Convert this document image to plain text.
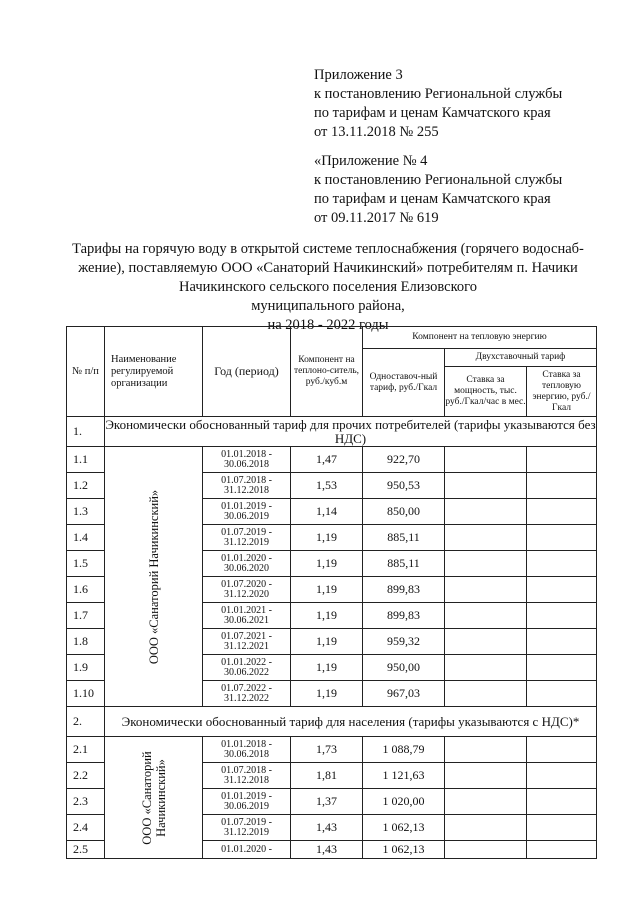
Приложение 3
к постановлению Региональной службы
по тарифам и ценам Камчатского края
от 13.11.2018 № 255
«Приложение № 4
к постановлению Региональной службы
по тарифам и ценам Камчатского края
от 09.11.2017 № 619
Тарифы на горячую воду в открытой системе теплоснабжения (горячего водоснаб-
жение), поставляемую ООО «Санаторий Начикинский» потребителям п. Начики
Начикинского сельского поселения Елизовского
муниципального района,
на 2018 - 2022 годы
№ п/п	Наименование регулируемой организации	Год (период)	Компонент на теплоно-ситель, руб./куб.м	Компонент на тепловую энергию		
				Одноставоч-ный тариф, руб./Гкал	Двухставочный тариф	
					Ставка за мощность, тыс. руб./Гкал/час в мес.	Ставка за тепловую энергию, руб./Гкал
1.	Экономически обоснованный тариф для прочих потребителей (тарифы указываются без НДС)					
1.1	ООО «Санаторий Начикинский»	01.01.2018 - 30.06.2018	1,47	922,70		
1.2		01.07.2018 - 31.12.2018	1,53	950,53		
1.3		01.01.2019 - 30.06.2019	1,14	850,00		
1.4		01.07.2019 - 31.12.2019	1,19	885,11		
1.5		01.01.2020 - 30.06.2020	1,19	885,11		
1.6		01.07.2020 - 31.12.2020	1,19	899,83		
1.7		01.01.2021 - 30.06.2021	1,19	899,83		
1.8		01.07.2021 - 31.12.2021	1,19	959,32		
1.9		01.01.2022 - 30.06.2022	1,19	950,00		
1.10		01.07.2022 - 31.12.2022	1,19	967,03		
2.	Экономически обоснованный тариф для населения (тарифы указываются с НДС)*					
2.1	ООО «Санаторий Начикинский»	01.01.2018 - 30.06.2018	1,73	1 088,79		
2.2		01.07.2018 - 31.12.2018	1,81	1 121,63		
2.3		01.01.2019 - 30.06.2019	1,37	1 020,00		
2.4		01.07.2019 - 31.12.2019	1,43	1 062,13		
2.5		01.01.2020 -	1,43	1 062,13		
